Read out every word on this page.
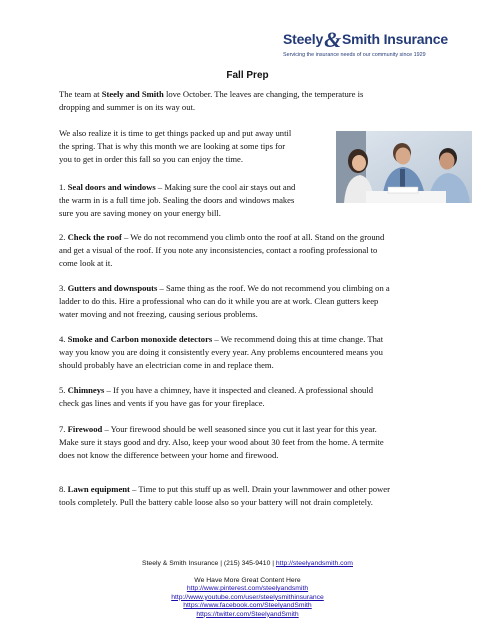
Steely&Smith Insurance
Servicing the insurance needs of our community since 1929
Fall Prep
The team at Steely and Smith love October. The leaves are changing, the temperature is
dropping and summer is on its way out.
We also realize it is time to get things packed up and put away until
the spring. That is why this month we are looking at some tips for
you to get in order this fall so you can enjoy the time.
1. Seal doors and windows – Making sure the cool air stays out and
the warm in is a full time job. Sealing the doors and windows makes
sure you are saving money on your energy bill.
2. Check the roof – We do not recommend you climb onto the roof at all. Stand on the ground
and get a visual of the roof. If you note any inconsistencies, contact a roofing professional to
come look at it.
3. Gutters and downspouts – Same thing as the roof. We do not recommend you climbing on a
ladder to do this. Hire a professional who can do it while you are at work. Clean gutters keep
water moving and not freezing, causing serious problems.
4. Smoke and Carbon monoxide detectors – We recommend doing this at time change. That
way you know you are doing it consistently every year. Any problems encountered means you
should probably have an electrician come in and replace them.
5. Chimneys – If you have a chimney, have it inspected and cleaned. A professional should
check gas lines and vents if you have gas for your fireplace.
7. Firewood – Your firewood should be well seasoned since you cut it last year for this year.
Make sure it stays good and dry. Also, keep your wood about 30 feet from the home. A termite
does not know the difference between your home and firewood.
8. Lawn equipment – Time to put this stuff up as well. Drain your lawnmower and other power
tools completely. Pull the battery cable loose also so your battery will not drain completely.
Steely & Smith Insurance | (215) 345-9410 | http://steelyandsmith.com
We Have More Great Content Here
http://www.pinterest.com/steelyandsmith
http://www.youtube.com/user/steelysmithinsurance
https://www.facebook.com/SteelyandSmith
https://twitter.com/SteelyandSmith
